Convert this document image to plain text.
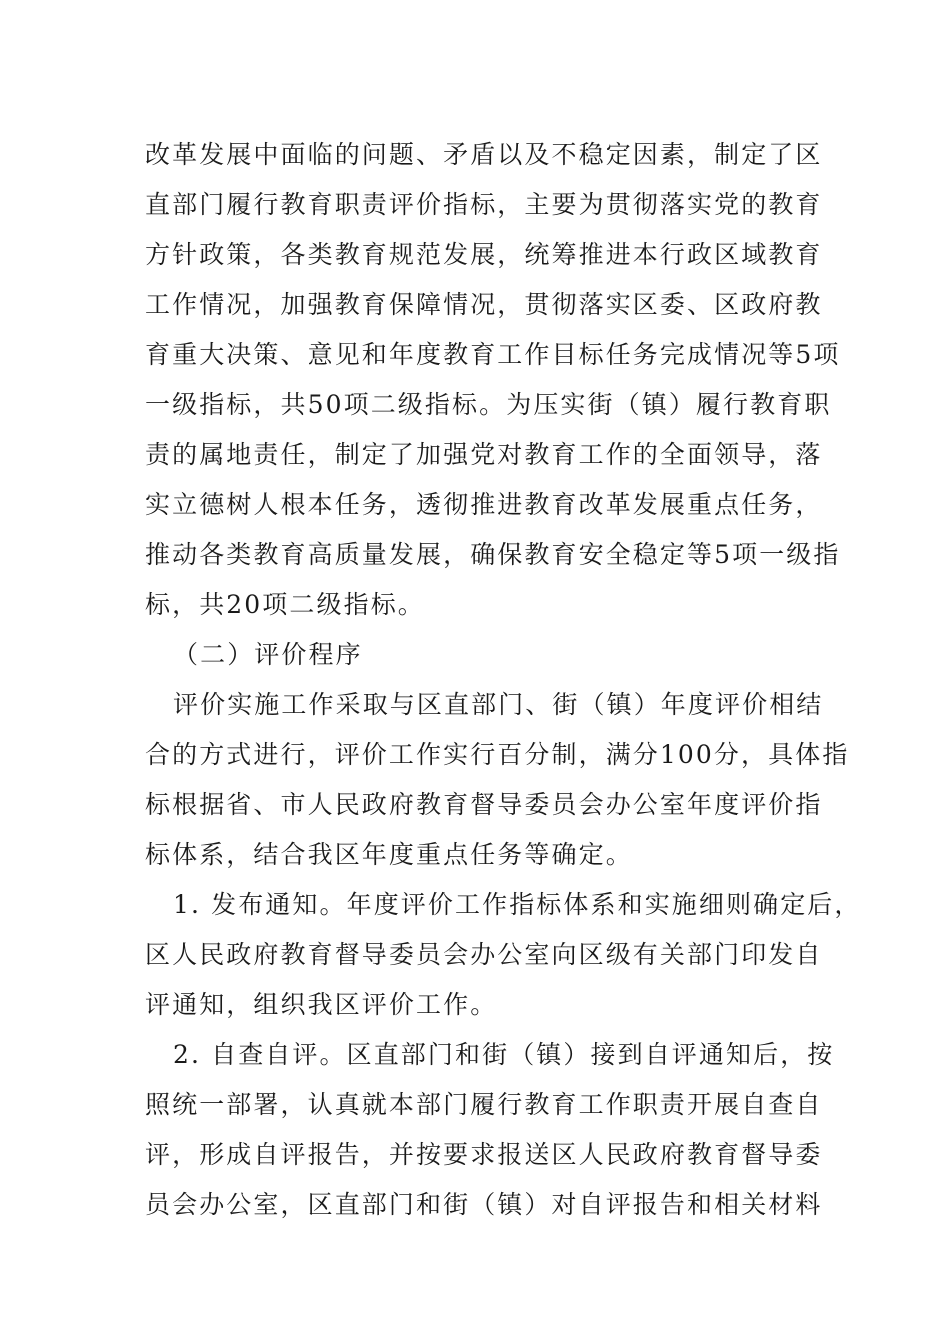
改革发展中面临的问题、矛盾以及不稳定因素，制定了区
直部门履行教育职责评价指标，主要为贯彻落实党的教育
方针政策，各类教育规范发展，统筹推进本行政区域教育
工作情况，加强教育保障情况，贯彻落实区委、区政府教
育重大决策、意见和年度教育工作目标任务完成情况等5项
一级指标，共50项二级指标。为压实街（镇）履行教育职
责的属地责任，制定了加强党对教育工作的全面领导，落
实立德树人根本任务，透彻推进教育改革发展重点任务，
推动各类教育高质量发展，确保教育安全稳定等5项一级指
标，共20项二级指标。
（二）评价程序
评价实施工作采取与区直部门、街（镇）年度评价相结
合的方式进行，评价工作实行百分制，满分100分，具体指
标根据省、市人民政府教育督导委员会办公室年度评价指
标体系，结合我区年度重点任务等确定。
1. 发布通知。年度评价工作指标体系和实施细则确定后，
区人民政府教育督导委员会办公室向区级有关部门印发自
评通知，组织我区评价工作。
2. 自查自评。区直部门和街（镇）接到自评通知后，按
照统一部署，认真就本部门履行教育工作职责开展自查自
评，形成自评报告，并按要求报送区人民政府教育督导委
员会办公室，区直部门和街（镇）对自评报告和相关材料
